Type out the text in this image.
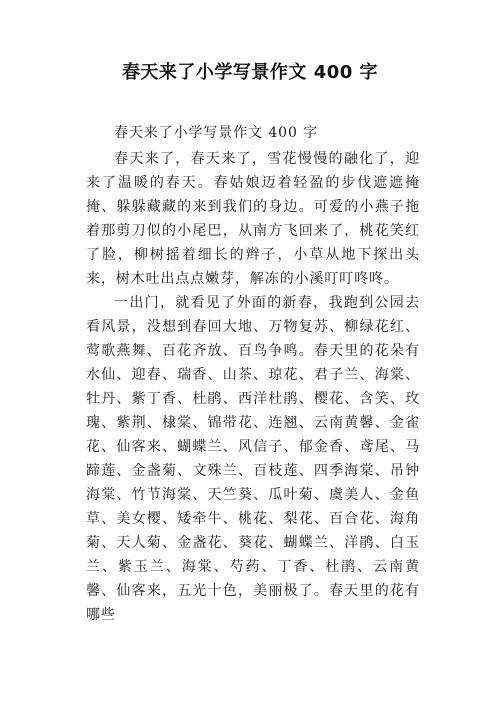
春天来了小学写景作文 400 字

春天来了小学写景作文 400 字

春天来了，春天来了，雪花慢慢的融化了，迎来了温暖的春天。春姑娘迈着轻盈的步伐遮遮掩掩、躲躲藏藏的来到我们的身边。可爱的小燕子拖着那剪刀似的小尾巴，从南方飞回来了，桃花笑红了脸，柳树摇着细长的辫子，小草从地下探出头来，树木吐出点点嫩芽，解冻的小溪叮叮咚咚。

一出门，就看见了外面的新春，我跑到公园去看风景，没想到春回大地、万物复苏、柳绿花红、莺歌燕舞、百花齐放、百鸟争鸣。春天里的花朵有水仙、迎春、瑞香、山茶、琼花、君子兰、海棠、牡丹、紫丁香、杜鹃、西洋杜鹃、樱花、含笑、玫瑰、紫荆、棣棠、锦带花、连翘、云南黄馨、金雀花、仙客来、蝴蝶兰、风信子、郁金香、鸢尾、马蹄莲、金盏菊、文殊兰、百枝莲、四季海棠、吊钟海棠、竹节海棠、天竺葵、瓜叶菊、虞美人、金鱼草、美女樱、矮牵牛、桃花、梨花、百合花、海角菊、天人菊、金盏花、葵花、蝴蝶兰、洋鹃、白玉兰、紫玉兰、海棠、芍药、丁香、杜鹃、云南黄馨、仙客来，五光十色，美丽极了。春天里的花有哪些
